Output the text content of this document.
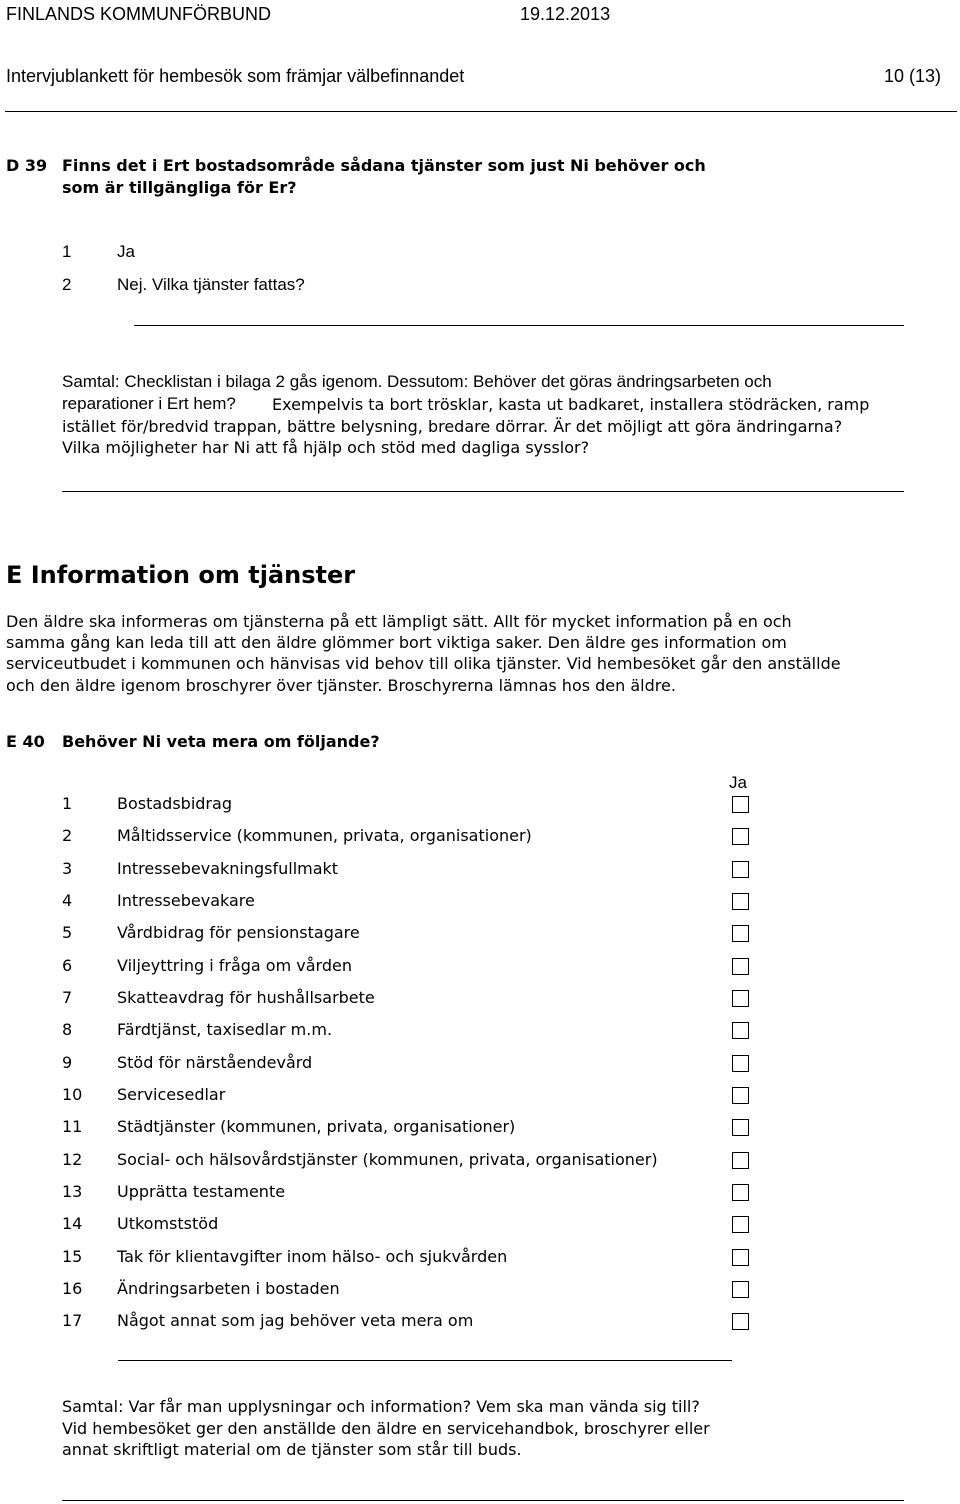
FINLANDS KOMMUNFÖRBUND	19.12.2013
Intervjublankett för hembesök som främjar välbefinnandet	10 (13)
D 39 Finns det i Ert bostadsområde sådana tjänster som just Ni behöver och
som är tillgängliga för Er?
1	Ja
2	Nej. Vilka tjänster fattas?
Samtal: Checklistan i bilaga 2 gås igenom. Dessutom: Behöver det göras ändringsarbeten och
reparationer i Ert hem? Exempelvis ta bort trösklar, kasta ut badkaret, installera stödräcken, ramp
istället för/bredvid trappan, bättre belysning, bredare dörrar. Är det möjligt att göra ändringarna?
Vilka möjligheter har Ni att få hjälp och stöd med dagliga sysslor?
E Information om tjänster
Den äldre ska informeras om tjänsterna på ett lämpligt sätt. Allt för mycket information på en och
samma gång kan leda till att den äldre glömmer bort viktiga saker. Den äldre ges information om
serviceutbudet i kommunen och hänvisas vid behov till olika tjänster. Vid hembesöket går den anställde
och den äldre igenom broschyrer över tjänster. Broschyrerna lämnas hos den äldre.
E 40 Behöver Ni veta mera om följande?
Ja
1	Bostadsbidrag
2	Måltidsservice (kommunen, privata, organisationer)
3	Intressebevakningsfullmakt
4	Intressebevakare
5	Vårdbidrag för pensionstagare
6	Viljeyttring i fråga om vården
7	Skatteavdrag för hushållsarbete
8	Färdtjänst, taxisedlar m.m.
9	Stöd för närståendevård
10 Servicesedlar
11 Städtjänster (kommunen, privata, organisationer)
12 Social- och hälsovårdstjänster (kommunen, privata, organisationer)
13 Upprätta testamente
14 Utkomststöd
15 Tak för klientavgifter inom hälso- och sjukvården
16 Ändringsarbeten i bostaden
17 Något annat som jag behöver veta mera om
Samtal: Var får man upplysningar och information? Vem ska man vända sig till?
Vid hembesöket ger den anställde den äldre en servicehandbok, broschyrer eller
annat skriftligt material om de tjänster som står till buds.
